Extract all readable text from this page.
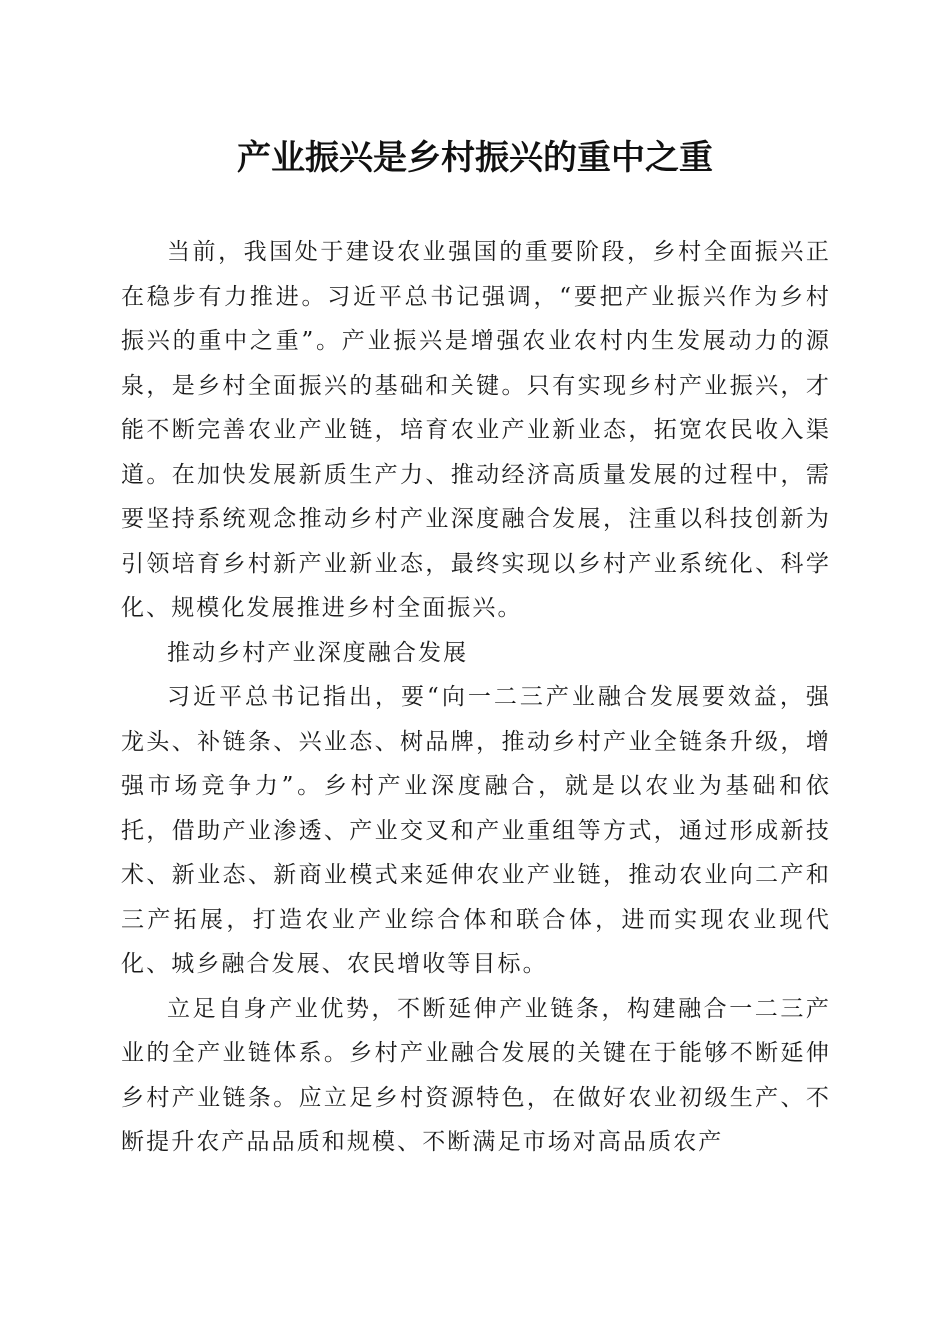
产业振兴是乡村振兴的重中之重

当前，我国处于建设农业强国的重要阶段，乡村全面振兴正在稳步有力推进。习近平总书记强调，“要把产业振兴作为乡村振兴的重中之重”。产业振兴是增强农业农村内生发展动力的源泉，是乡村全面振兴的基础和关键。只有实现乡村产业振兴，才能不断完善农业产业链，培育农业产业新业态，拓宽农民收入渠道。在加快发展新质生产力、推动经济高质量发展的过程中，需要坚持系统观念推动乡村产业深度融合发展，注重以科技创新为引领培育乡村新产业新业态，最终实现以乡村产业系统化、科学化、规模化发展推进乡村全面振兴。

推动乡村产业深度融合发展

习近平总书记指出，要“向一二三产业融合发展要效益，强龙头、补链条、兴业态、树品牌，推动乡村产业全链条升级，增强市场竞争力”。乡村产业深度融合，就是以农业为基础和依托，借助产业渗透、产业交叉和产业重组等方式，通过形成新技术、新业态、新商业模式来延伸农业产业链，推动农业向二产和三产拓展，打造农业产业综合体和联合体，进而实现农业现代化、城乡融合发展、农民增收等目标。

立足自身产业优势，不断延伸产业链条，构建融合一二三产业的全产业链体系。乡村产业融合发展的关键在于能够不断延伸乡村产业链条。应立足乡村资源特色，在做好农业初级生产、不断提升农产品品质和规模、不断满足市场对高品质农产
